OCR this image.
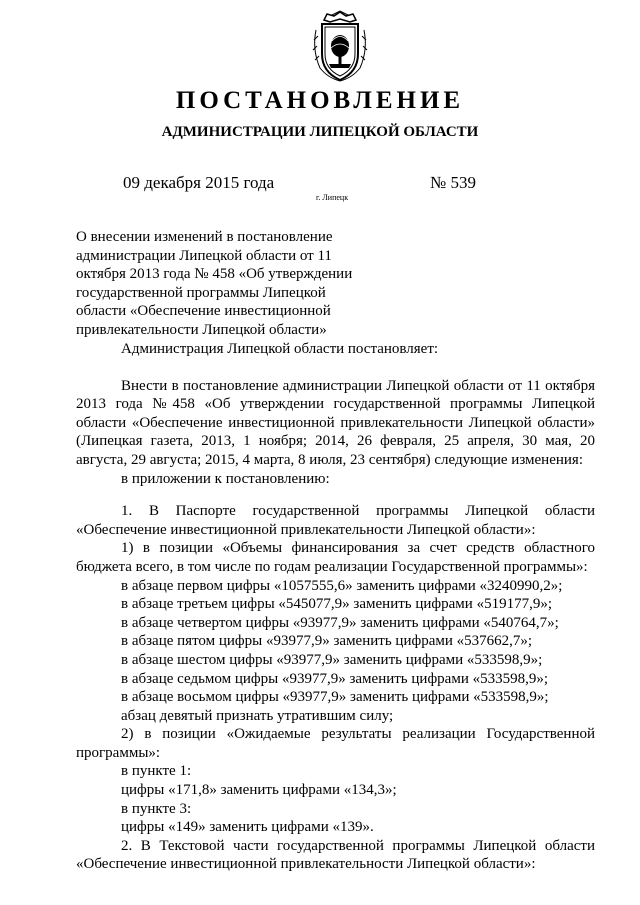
ПОСТАНОВЛЕНИЕ
АДМИНИСТРАЦИИ ЛИПЕЦКОЙ ОБЛАСТИ
09 декабря 2015 года	№ 539
г. Липецк
О внесении изменений в постановление
администрации Липецкой области от 11
октября 2013 года № 458 «Об утверждении
государственной программы Липецкой
области «Обеспечение инвестиционной
привлекательности Липецкой области»
Администрация Липецкой области постановляет:
Внести в постановление администрации Липецкой области от 11 октября 2013 года №458 «Об утверждении государственной программы Липецкой области «Обеспечение инвестиционной привлекательности Липецкой области» (Липецкая газета, 2013, 1 ноября; 2014, 26 февраля, 25 апреля, 30 мая, 20 августа, 29 августа; 2015, 4 марта, 8 июля, 23 сентября) следующие изменения:
в приложении к постановлению:
1. В Паспорте государственной программы Липецкой области «Обеспечение инвестиционной привлекательности Липецкой области»:
1) в позиции «Объемы финансирования за счет средств областного бюджета всего, в том числе по годам реализации Государственной программы»:
в абзаце первом цифры «1057555,6» заменить цифрами «3240990,2»;
в абзаце третьем цифры «545077,9» заменить цифрами «519177,9»;
в абзаце четвертом цифры «93977,9» заменить цифрами «540764,7»;
в абзаце пятом цифры «93977,9» заменить цифрами «537662,7»;
в абзаце шестом цифры «93977,9» заменить цифрами «533598,9»;
в абзаце седьмом цифры «93977,9» заменить цифрами «533598,9»;
в абзаце восьмом цифры «93977,9» заменить цифрами «533598,9»;
абзац девятый признать утратившим силу;
2) в позиции «Ожидаемые результаты реализации Государственной программы»:
в пункте 1:
цифры «171,8» заменить цифрами «134,3»;
в пункте 3:
цифры «149» заменить цифрами «139».
2. В Текстовой части государственной программы Липецкой области «Обеспечение инвестиционной привлекательности Липецкой области»:
